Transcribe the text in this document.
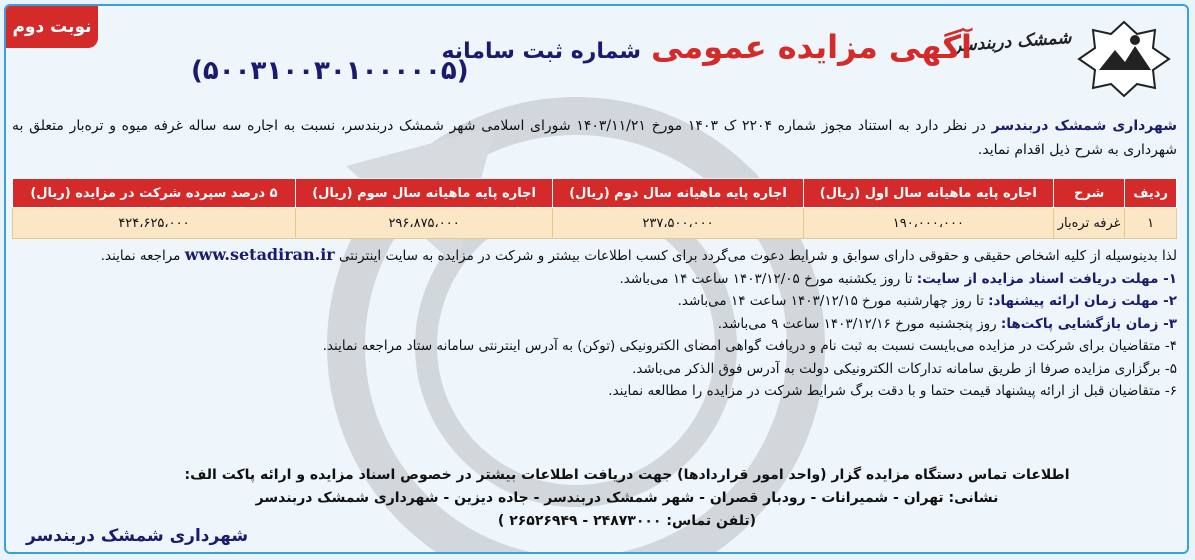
نوبت دوم
شمشک دربندسر
آگهی مزایده عمومی
شماره ثبت سامانه
(۵۰۰۳۱۰۰۳۰۱۰۰۰۰۰۵)
شهرداری شمشک دربندسر در نظر دارد به استناد مجوز شماره ۲۲۰۴ ک ۱۴۰۳ مورخ ۱۴۰۳/۱۱/۲۱ شورای اسلامی شهر شمشک دربندسر، نسبت به اجاره سه ساله غرفه میوه و تره‌بار متعلق به شهرداری به شرح ذیل اقدام نماید.
ردیف	شرح	اجاره پایه ماهیانه سال اول (ریال)	اجاره پایه ماهیانه سال دوم (ریال)	اجاره پایه ماهیانه سال سوم (ریال)	۵ درصد سپرده شرکت در مزایده (ریال)
۱	غرفه تره‌بار	۱۹۰،۰۰۰،۰۰۰	۲۳۷،۵۰۰،۰۰۰	۲۹۶،۸۷۵،۰۰۰	۴۲۴،۶۲۵،۰۰۰

لذا بدینوسیله از کلیه اشخاص حقیقی و حقوقی دارای سوابق و شرایط دعوت می‌گردد برای کسب اطلاعات بیشتر و شرکت در مزایده به سایت اینترنتی www.setadiran.ir مراجعه نمایند.

۱- مهلت دریافت اسناد مزایده از سایت: تا روز یکشنبه مورخ ۱۴۰۳/۱۲/۰۵ ساعت ۱۴ می‌باشد.

۲- مهلت زمان ارائه پیشنهاد: تا روز چهارشنبه مورخ ۱۴۰۳/۱۲/۱۵ ساعت ۱۴ می‌باشد.

۳- زمان بازگشایی پاکت‌ها: روز پنجشنبه مورخ ۱۴۰۳/۱۲/۱۶ ساعت ۹ می‌باشد.

۴- متقاضیان برای شرکت در مزایده می‌بایست نسبت به ثبت نام و دریافت گواهی امضای الکترونیکی (توکن) به آدرس اینترنتی سامانه ستاد مراجعه نمایند.

۵- برگزاری مزایده صرفا از طریق سامانه تدارکات الکترونیکی دولت به آدرس فوق الذکر می‌باشد.

۶- متقاضیان قبل از ارائه پیشنهاد قیمت حتما و با دقت برگ شرایط شرکت در مزایده را مطالعه نمایند.

اطلاعات تماس دستگاه مزایده گزار (واحد امور قراردادها) جهت دریافت اطلاعات بیشتر در خصوص اسناد مزایده و ارائه پاکت الف:
نشانی: تهران - شمیرانات - رودبار قصران - شهر شمشک دربندسر - جاده دیزین - شهرداری شمشک دربندسر
(تلفن تماس: ۲۴۸۷۳۰۰۰ - ۲۶۵۲۶۹۴۹ )
شهرداری شمشک دربندسر
